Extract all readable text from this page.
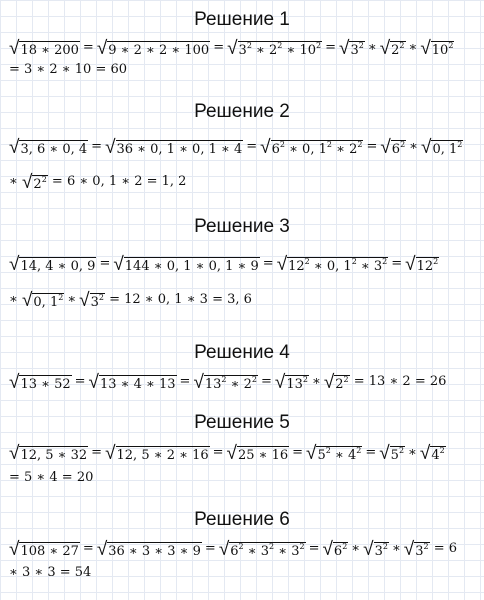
Решение 1
√ 18 ∗ 200 = √ 9 ∗ 2 ∗ 2 ∗ 100 = √ $3^2$ ∗ $2^2$ ∗ $10^2$ = √ $3^2$ ∗ √ $2^2$ ∗ √ $10^2$
= 3 ∗ 2 ∗ 10 = 60
Решение 2
√ 3, 6 ∗ 0, 4 = √ 36 ∗ 0, 1 ∗ 0, 1 ∗ 4 = √ $6^2$ ∗ 0, $1^2$ ∗ $2^2$ = √ $6^2$ ∗ √ 0, $1^2$
∗ √ $2^2 = 6$ ∗ 0, 1 ∗ 2 = 1, 2
Решение 3
√ 14, 4 ∗ 0, 9 = √ 144 ∗ 0, 1 ∗ 0, 1 ∗ 9 = √ $12^2$ ∗ 0, $1^2$ ∗ $3^2$ = √ $12^2$
∗ √ 0, $1^2$ ∗ √ $3^2 = 12$ ∗ 0, 1 ∗ 3 = 3, 6
Решение 4
√ 13 ∗ 52 = √ 13 ∗ 4 ∗ 13 = √ $13^2$ ∗ $2^2$ = √ $13^2$ ∗ √ $2^2 = 13$ ∗ 2 = 26
Решение 5
√ 12, 5 ∗ 32 = √ 12, 5 ∗ 2 ∗ 16 = √ 25 ∗ 16 = √ $5^2$ ∗ $4^2$ = √ $5^2$ ∗ √ $4^2$
= 5 ∗ 4 = 20
Решение 6
√ 108 ∗ 27 = √ 36 ∗ 3 ∗ 3 ∗ 9 = √ $6^2$ ∗ $3^2$ ∗ $3^2$ = √ $6^2$ ∗ √ $3^2$ ∗ √ $3^2 = 6$
∗ 3 ∗ 3 = 54
